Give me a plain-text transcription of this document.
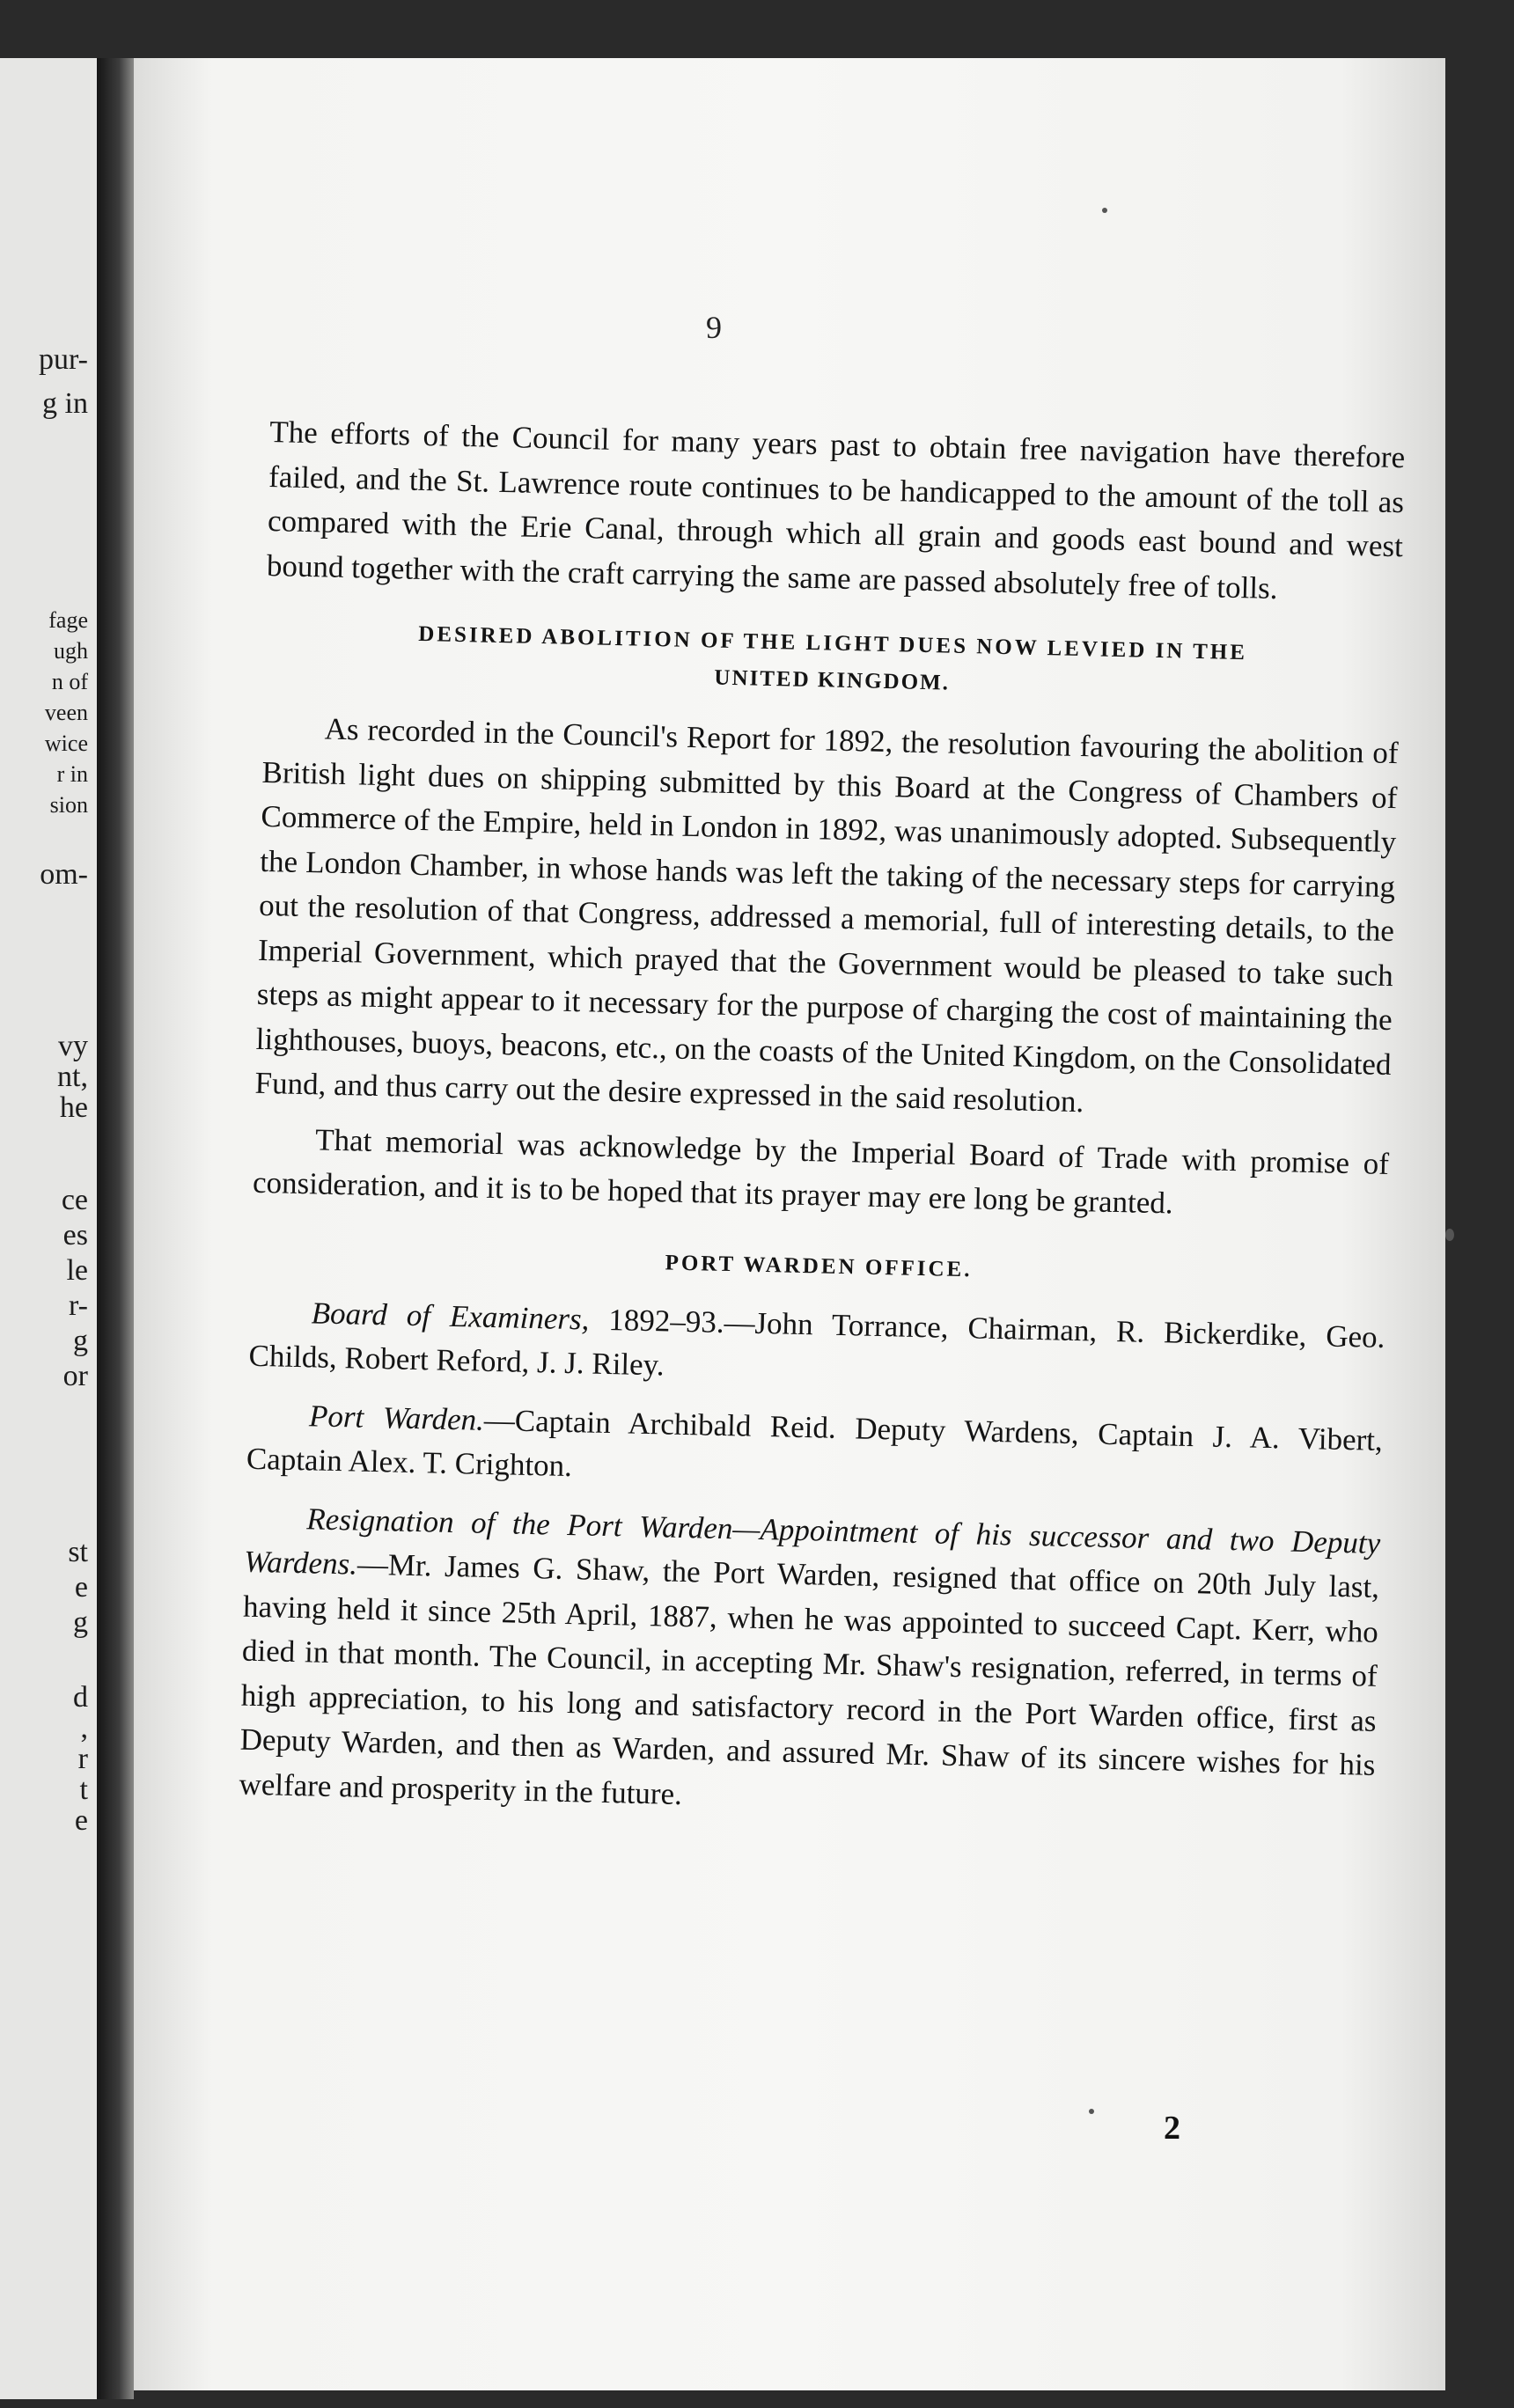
pur-
g in
fage
ugh
n of
veen
wice
r in
sion
om-
vy
nt,
he
ce
es
le
r-
g
or
st
e
g
d
,
r
t
e
9

The efforts of the Council for many years past to obtain free navigation have therefore failed, and the St. Lawrence route continues to be handicapped to the amount of the toll as compared with the Erie Canal, through which all grain and goods east bound and west bound together with the craft carrying the same are passed absolutely free of tolls.

DESIRED ABOLITION OF THE LIGHT DUES NOW LEVIED IN THE

UNITED KINGDOM.

As recorded in the Council's Report for 1892, the resolution favouring the abolition of British light dues on shipping submitted by this Board at the Congress of Chambers of Commerce of the Empire, held in London in 1892, was unanimously adopted. Subsequently the London Chamber, in whose hands was left the taking of the necessary steps for carrying out the resolution of that Congress, addressed a memorial, full of interesting details, to the Imperial Government, which prayed that the Government would be pleased to take such steps as might appear to it necessary for the purpose of charging the cost of maintaining the lighthouses, buoys, beacons, etc., on the coasts of the United Kingdom, on the Consolidated Fund, and thus carry out the desire expressed in the said resolution.

That memorial was acknowledge by the Imperial Board of Trade with promise of consideration, and it is to be hoped that its prayer may ere long be granted.

PORT WARDEN OFFICE.

Board of Examiners, 1892–93.—John Torrance, Chairman, R. Bickerdike, Geo. Childs, Robert Reford, J. J. Riley.

Port Warden.—Captain Archibald Reid. Deputy Wardens, Captain J. A. Vibert, Captain Alex. T. Crighton.

Resignation of the Port Warden—Appointment of his successor and two Deputy Wardens.—Mr. James G. Shaw, the Port Warden, resigned that office on 20th July last, having held it since 25th April, 1887, when he was appointed to succeed Capt. Kerr, who died in that month. The Council, in accepting Mr. Shaw's resignation, referred, in terms of high appreciation, to his long and satisfactory record in the Port Warden office, first as Deputy Warden, and then as Warden, and assured Mr. Shaw of its sincere wishes for his welfare and prosperity in the future.

2
